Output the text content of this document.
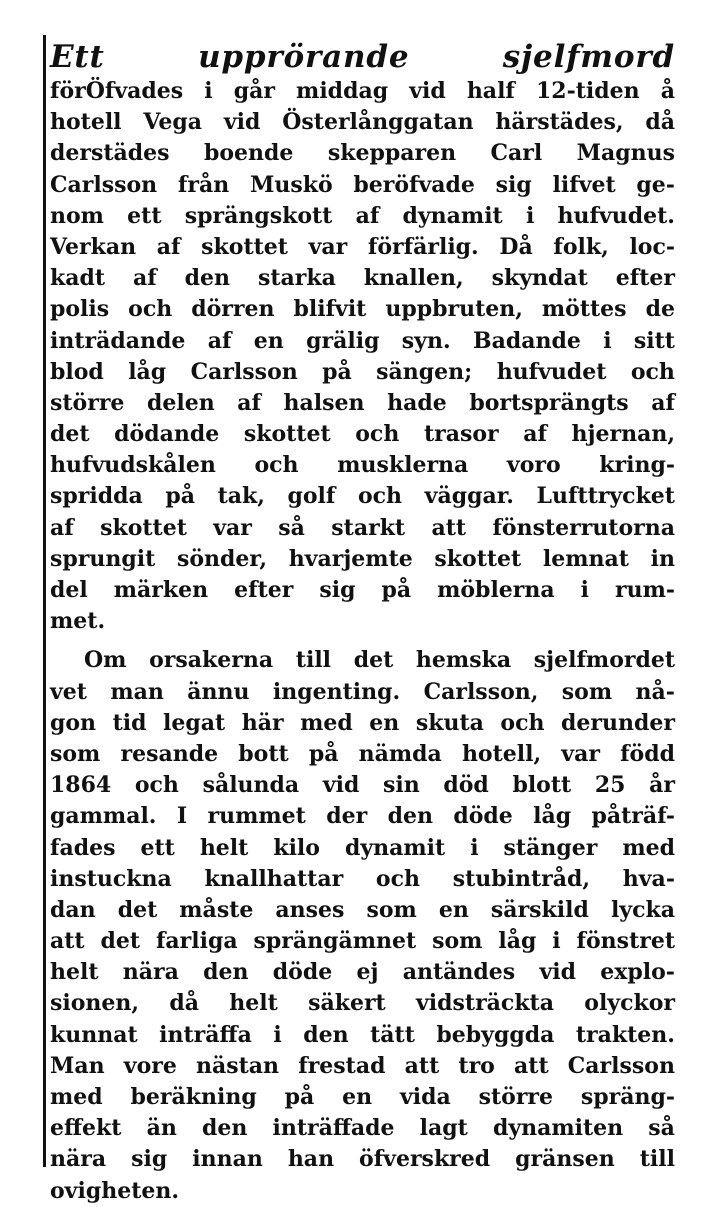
Ett	upprörande	sjelfmord
förÖfvades i går middag vid half 12-tiden å
hotell Vega vid Österlånggatan härstädes, då
derstädes boende skepparen Carl Magnus
Carlsson från Muskö beröfvade sig lifvet ge-
nom ett sprängskott af dynamit i hufvudet.
Verkan af skottet var förfärlig. Då folk, loc-
kadt af den starka knallen, skyndat efter
polis och dörren blifvit uppbruten, möttes de
inträdande af en grälig syn. Badande i sitt
blod låg Carlsson på sängen; hufvudet och
större delen af halsen hade bortsprängts af
det dödande skottet och trasor af hjernan,
hufvudskålen och musklerna voro kring-
spridda på tak, golf och väggar. Lufttrycket
af skottet var så starkt att fönsterrutorna
sprungit sönder, hvarjemte skottet lemnat in
del märken efter sig på möblerna i rum-
met.
Om orsakerna till det hemska sjelfmordet
vet man ännu ingenting. Carlsson, som nå-
gon tid legat här med en skuta och derunder
som resande bott på nämda hotell, var född
1864 och sålunda vid sin död blott 25 år
gammal. I rummet der den döde låg påträf-
fades ett helt kilo dynamit i stänger med
instuckna knallhattar och stubintråd, hva-
dan det måste anses som en särskild lycka
att det farliga sprängämnet som låg i fönstret
helt nära den döde ej antändes vid explo-
sionen, då helt säkert vidsträckta olyckor
kunnat inträffa i den tätt bebyggda trakten.
Man vore nästan frestad att tro att Carlsson
med beräkning på en vida större spräng-
effekt än den inträffade lagt dynamiten så
nära sig innan han öfverskred gränsen till
ovigheten.
